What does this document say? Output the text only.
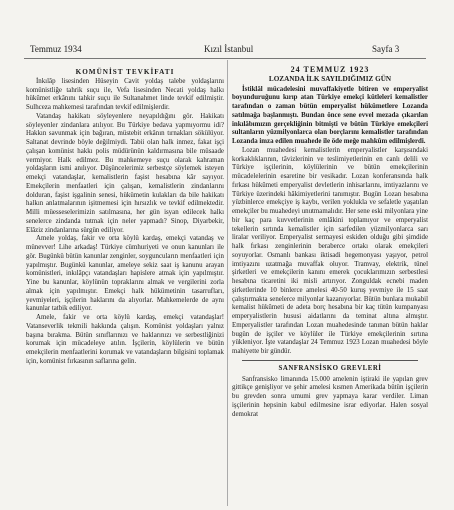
Temmuz 1934	Kızıl İstanbul	Sayfa 3
KOMÜNİST TEVKİFATI

İnkılâp lisesinden Hüseyin Cavit yoldaş talebe yoldaşlarını komünistliğe tahrik suçu ile, Vefa lisesinden Necati yoldaş halkı hükûmet erkânını tahkir suçu ile Sultanahmet linde tevkif edilmiştir. Sulhceza mahkemesi tarafından tevkif edilmişlerdir.

Vatandaş hakikatı söyleyenlere neyapıldığını gör. Hakikatı söyleyenler zindanlara atılıyor. Bu Türkiye bedava yapmıyormu idi? Hakkın savunmak için bağıran, müstebit erkânın tırnakları sökülüyor. Saltanat devrinde böyle değilmiydi. Tabii olan halk inmez, fakat işçi çalışan komünist hakkı polis müdürünün kaldırmasına bile müsaade vermiyor. Halk edilmez. Bu mahkemeye suçu olarak kahraman yoldaşların ismi anılıyor. Düşüncelerimiz serbestçe söylemek isteyen emekçi vatandaşlar, kemalistlerin faşist hesabına kâr sayıyor. Emekçilerin menfaatleri için çalışan, kemalistlerin zindanlarını dolduran, faşist işgalinin senesi, hükümetin kulakları da bile hakikatı halkın anlatmalarının işitmemesi için hırsızlık ve tevkif edilmektedir. Milli müesseselerimizin satılmasına, her gün isyan edilecek halkı senelerce zindanda tutmak için neler yapmadı? Sinop, Diyarbekir, Elâziz zindanlarına sürgün ediliyor.

Amele yoldaş, fakir ve orta köylü kardaş, emekçi vatandaş ve münevver! Lihe arkadaş! Türkiye cümhuriyeti ve onun kanunları ile gör. Bugünkü bütün kanunlar zenginler, soyguncuların menfaatleri için yapılmıştır. Bugünkü kanunlar, ameleye sekiz saat iş kanunu arayan komünistleri, inkılâpçı vatandaşları hapislere atmak için yapılmıştır. Yine bu kanunlar, köylünün topraklarını almak ve vergilerini zorla almak için yapılmıştır. Emekçi halk hükümetinin tasarrufları, yevmiyeleri, işçilerin haklarını da alıyorlar. Mahkemelerde de aynı kanunlar tatbik ediliyor.

Amele, fakir ve orta köylü kardaş, emekçi vatandaşlar! Vatanseverlik tekmili hakkında çalışın. Komünist yoldaşları yalnız başına bırakma. Bütün sınıflarınızı ve haklarınızı ve serbestliğinizi korumak için mücadeleye atılın. İşçilerin, köylülerin ve bütün emekçilerin menfaatlerini korumak ve vatandaşların bilgisini toplamak için, komünist fırkasının saflarına gelin.

24 TEMMUZ 1923
LOZANDA İLK SAYILDIĞIMIZ GÜN

İstiklâl mücadelesini muvaffakiyetle bitiren ve emperyalist boyunduruğunu kırıp atan Türkiye emekçi kütleleri kemalistler tarafından o zaman bütün emperyalist hükümetlere Lozanda satılmağa başlanmıştı. Bundan önce sene evvel mezada çıkarılan inkılâbımızın gerçekliğinin bitmişti ve bütün Türkiye emekçileri sultanların yüzmilyonlarca olan borçlarını kemalistler tarafından Lozanda imza edilen muahede ile öde meğe mahkûm edilmişlerdi.

Lozan muahedesi kemalistlerin emperyalistler karşısındaki korkaklıklarının, tâvizlerinin ve teslimiyetlerinin en canlı delili ve Türkiye işçilerinin, köylülerinin ve bütün emekçilerinin mücadelelerinin esaretine bir vesikadır. Lozan konferansında halk fırkası hükûmeti emperyalist devletlerin inhisarlarını, imtiyazlarını ve Türkiye üzerindeki hâkimiyetlerini tanımıştır. Bugün Lozan hesabına yüzbinlerce emekçiye iş kaybı, verilen yoklukla ve sefaletle yaşatılan emekçiler bu muahedeyi unutmamalıdır. Her sene eski milyonlara yine bir kaç para kuvvetlerinin emlâkini toplamıyor ve emperyalist tekellerin sırtında kemalistler için sarfedilen yüzmilyonlarca sarı liralar veriliyor. Emperyalist sermayesi eskiden olduğu gibi şimdide halk fırkası zenginlerinin beraberce ortakı olarak emekçileri soyuyorlar. Osmanlı bankası iktisadi hegemonyası yaşıyor, petrol imtiyazını uzatmağa muvaffak oluyor. Tramvay, elektrik, tünel şirketleri ve emekçilerin kanını emerek çocuklarımızın serbestlesi hesabına ticaretini iki misli artırıyor. Zonguldak ecnebi maden şirketlerinde 10 binlerce amelesi 40-50 kuruş yevmiye ile 15 saat çalıştırmakta senelerce milyonlar kazanıyorlar. Bütün bunlara mukabil kemalist hükûmeti de adeta borç hesabına bir kaç tütün kumpanyası emperyalistlerin hususi aidatlarını da teminat altına almıştır. Emperyalistler tarafından Lozan muahedesinde tanınan bütün haklar bugün de işçiler ve köylüler ile Türkiye emekçilerinin sırtına yükleniyor. İşte vatandaşlar 24 Temmuz 1923 Lozan muahedesi böyle mahiyette bir gündür.

SANFRANSİSKO GREVLERİ

Sanfransisko limanında 15.000 amelenin iştiraki ile yapılan grev gittikçe genişliyor ve şehir amelesi kısmen Amerikada bütün işçilerin bu grevden sonra umumi grev yapmaya karar verdiler. Liman işçilerinin hepsinin kabul edilmesine israr ediyorlar. Halen sosyal demokrat
